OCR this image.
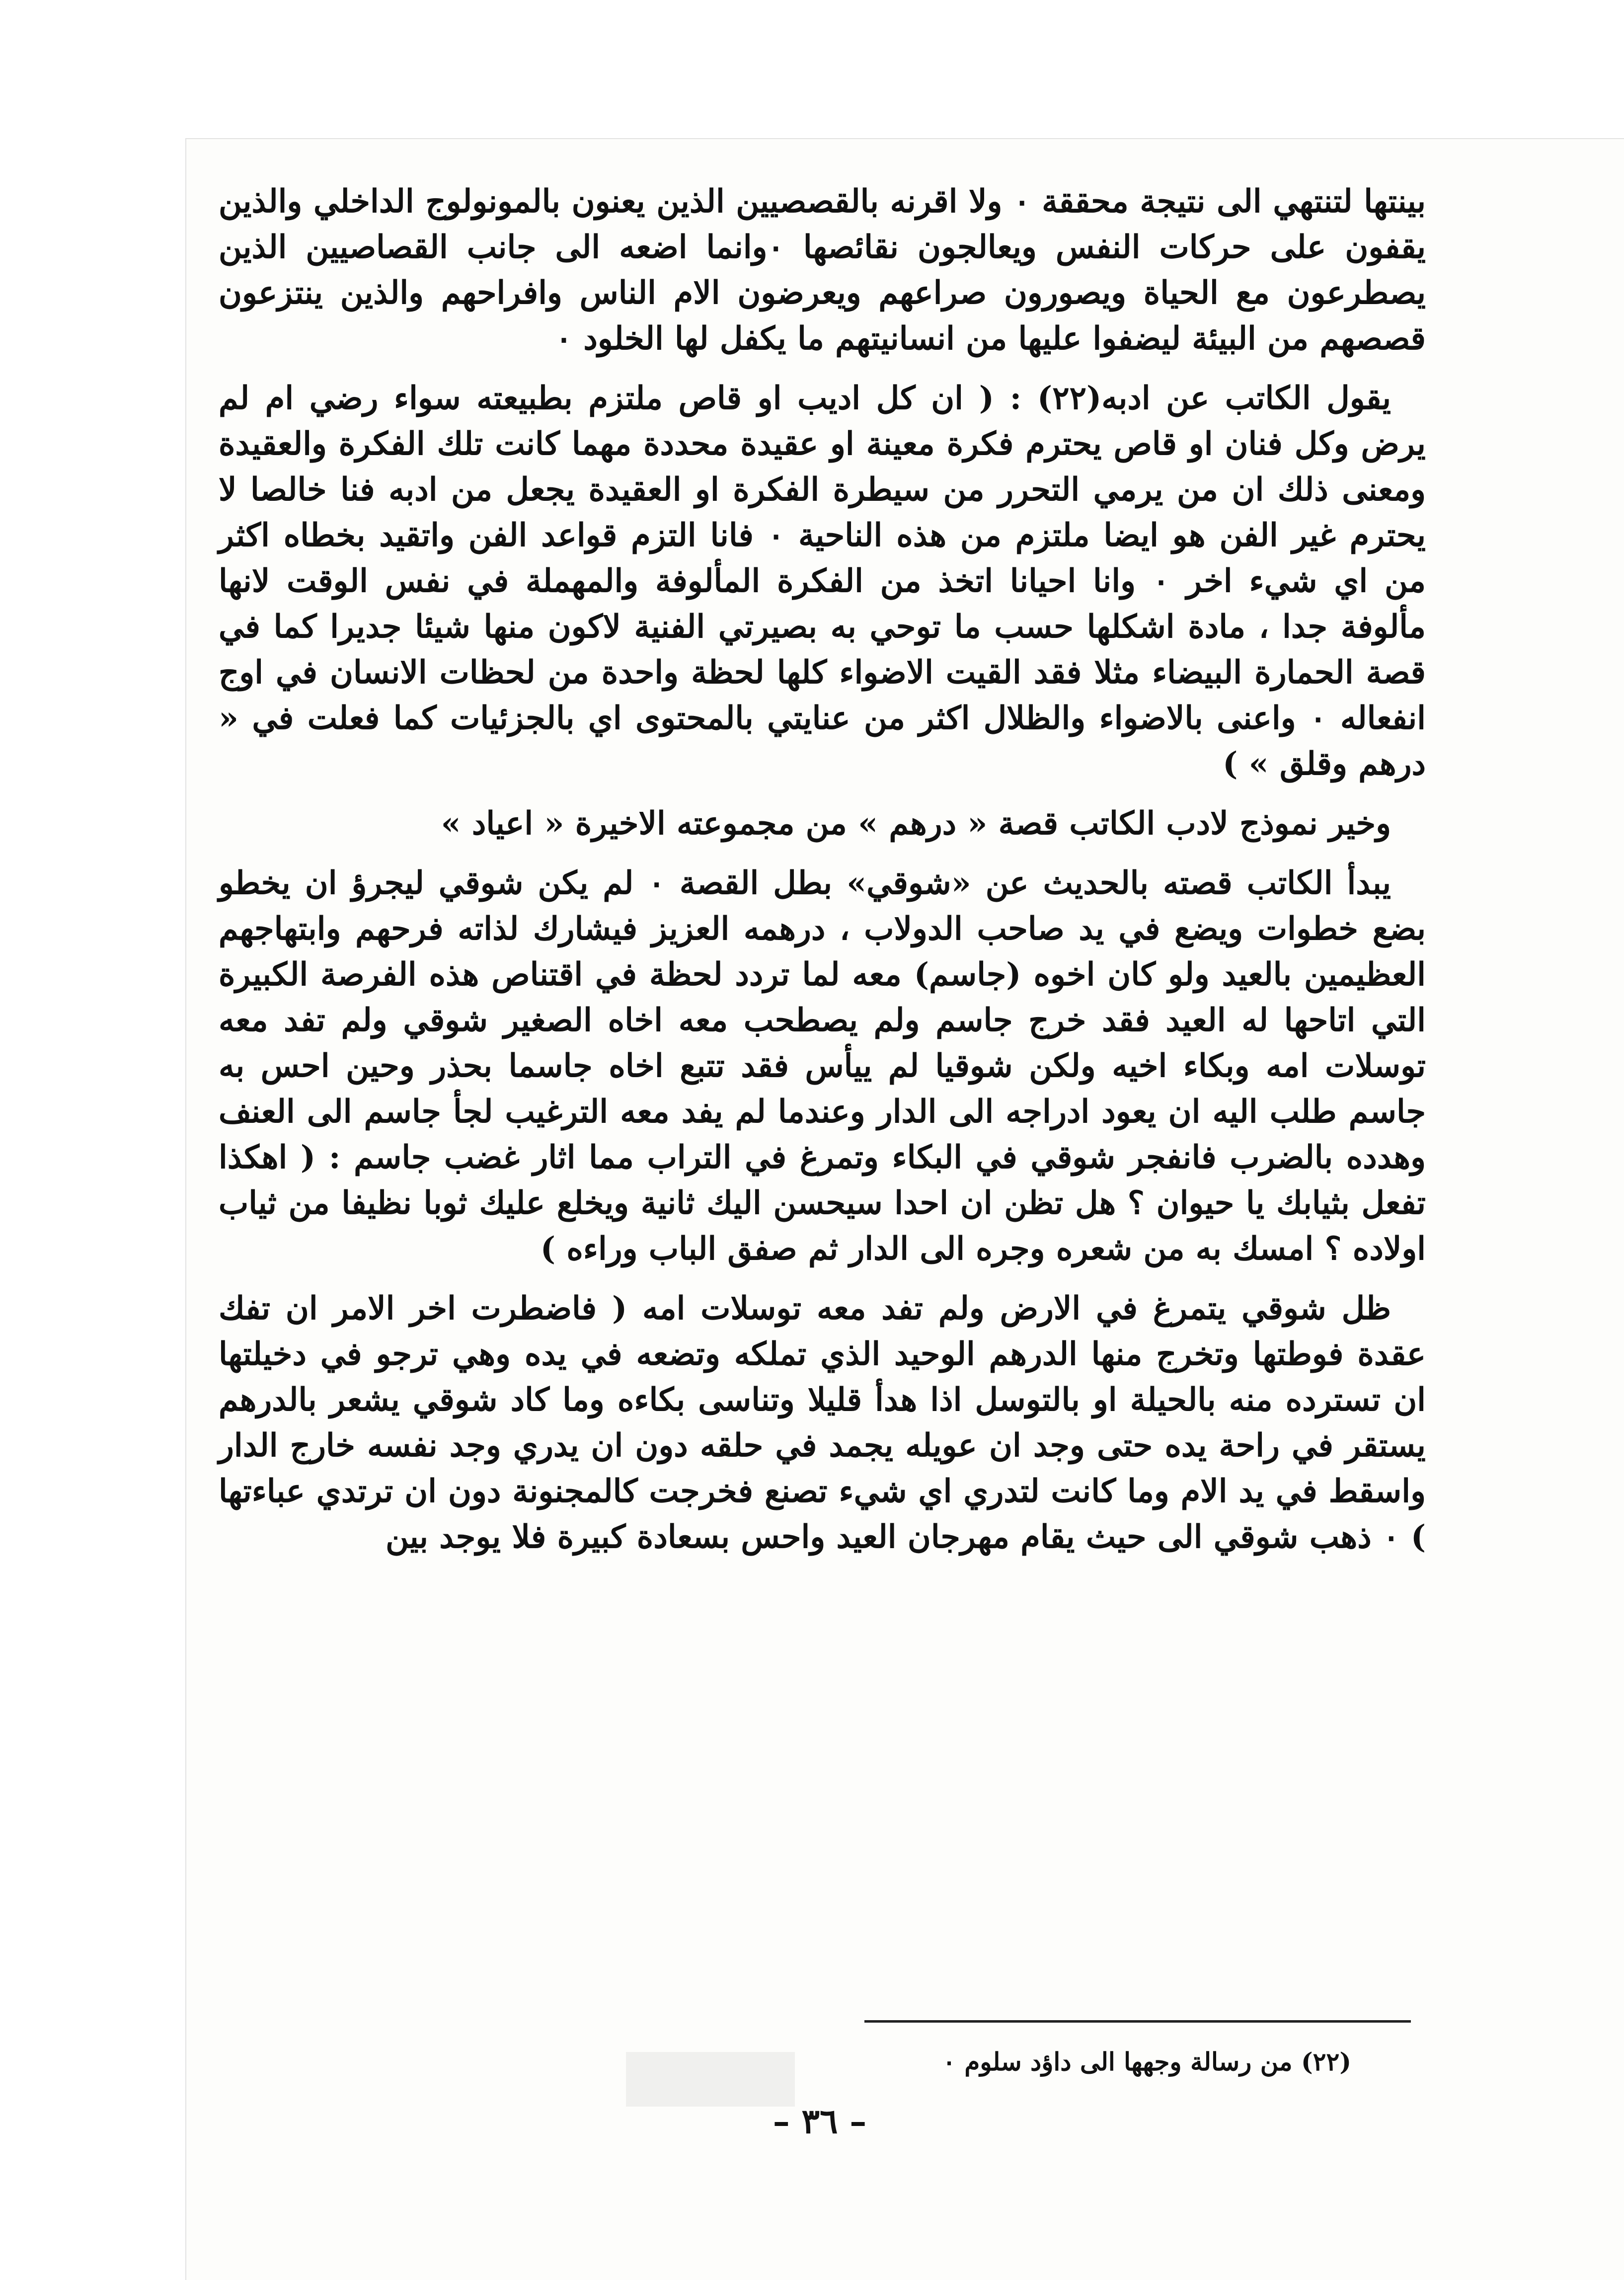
بينتها لتنتهي الى نتيجة محققة ٠ ولا اقرنه بالقصصيين الذين يعنون بالمونولوج الداخلي والذين يقفون على حركات النفس ويعالجون نقائصها ٠وانما اضعه الى جانب القصاصيين الذين يصطرعون مع الحياة ويصورون صراعهم ويعرضون الام الناس وافراحهم والذين ينتزعون قصصهم من البيئة ليضفوا عليها من انسانيتهم ما يكفل لها الخلود ٠

يقول الكاتب عن ادبه(٢٢) : ( ان كل اديب او قاص ملتزم بطبيعته سواء رضي ام لم يرض وكل فنان او قاص يحترم فكرة معينة او عقيدة محددة مهما كانت تلك الفكرة والعقيدة ومعنى ذلك ان من يرمي التحرر من سيطرة الفكرة او العقيدة يجعل من ادبه فنا خالصا لا يحترم غير الفن هو ايضا ملتزم من هذه الناحية ٠ فانا التزم قواعد الفن واتقيد بخطاه اكثر من اي شيء اخر ٠ وانا احيانا اتخذ من الفكرة المألوفة والمهملة في نفس الوقت لانها مألوفة جدا ، مادة اشكلها حسب ما توحي به بصيرتي الفنية لاكون منها شيئا جديرا كما في قصة الحمارة البيضاء مثلا فقد القيت الاضواء كلها لحظة واحدة من لحظات الانسان في اوج انفعاله ٠ واعنى بالاضواء والظلال اكثر من عنايتي بالمحتوى اي بالجزئيات كما فعلت في « درهم وقلق » )

وخير نموذج لادب الكاتب قصة « درهم » من مجموعته الاخيرة « اعياد »

يبدأ الكاتب قصته بالحديث عن «شوقي» بطل القصة ٠ لم يكن شوقي ليجرؤ ان يخطو بضع خطوات ويضع في يد صاحب الدولاب ، درهمه العزيز فيشارك لذاته فرحهم وابتهاجهم العظيمين بالعيد ولو كان اخوه (جاسم) معه لما تردد لحظة في اقتناص هذه الفرصة الكبيرة التي اتاحها له العيد فقد خرج جاسم ولم يصطحب معه اخاه الصغير شوقي ولم تفد معه توسلات امه وبكاء اخيه ولكن شوقيا لم ييأس فقد تتبع اخاه جاسما بحذر وحين احس به جاسم طلب اليه ان يعود ادراجه الى الدار وعندما لم يفد معه الترغيب لجأ جاسم الى العنف وهدده بالضرب فانفجر شوقي في البكاء وتمرغ في التراب مما اثار غضب جاسم : ( اهكذا تفعل بثيابك يا حيوان ؟ هل تظن ان احدا سيحسن اليك ثانية ويخلع عليك ثوبا نظيفا من ثياب اولاده ؟ امسك به من شعره وجره الى الدار ثم صفق الباب وراءه )

ظل شوقي يتمرغ في الارض ولم تفد معه توسلات امه ( فاضطرت اخر الامر ان تفك عقدة فوطتها وتخرج منها الدرهم الوحيد الذي تملكه وتضعه في يده وهي ترجو في دخيلتها ان تسترده منه بالحيلة او بالتوسل اذا هدأ قليلا وتناسى بكاءه وما كاد شوقي يشعر بالدرهم يستقر في راحة يده حتى وجد ان عويله يجمد في حلقه دون ان يدري وجد نفسه خارج الدار واسقط في يد الام وما كانت لتدري اي شيء تصنع فخرجت كالمجنونة دون ان ترتدي عباءتها ) ٠ ذهب شوقي الى حيث يقام مهرجان العيد واحس بسعادة كبيرة فلا يوجد بين

(٢٢) من رسالة وجهها الى داؤد سلوم ٠
– ٣٦ –
